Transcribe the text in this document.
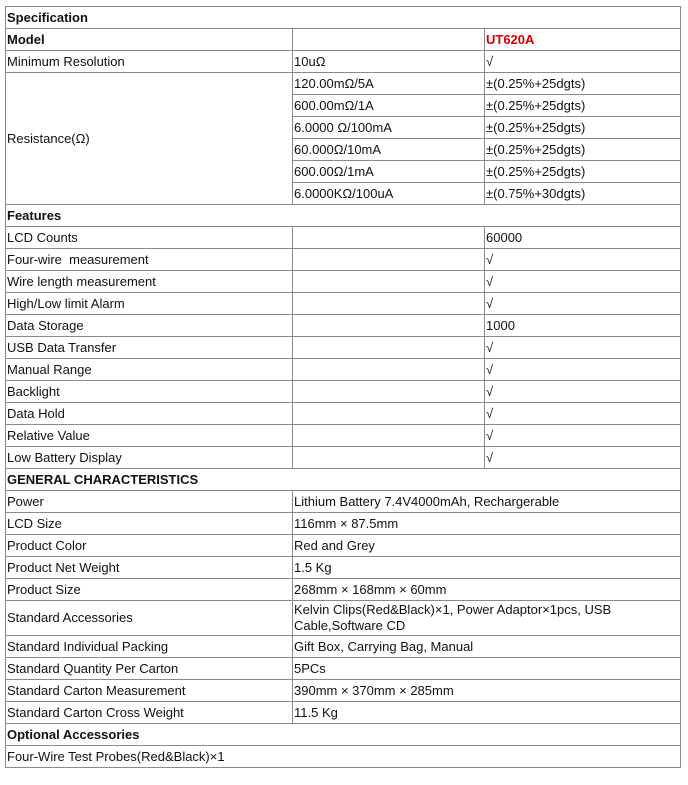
Specification		
Model		UT620A
Minimum Resolution	10uΩ	√
Resistance(Ω)	120.00mΩ/5A	±(0.25%+25dgts)
	600.00mΩ/1A	±(0.25%+25dgts)
	6.0000 Ω/100mA	±(0.25%+25dgts)
	60.000Ω/10mA	±(0.25%+25dgts)
	600.00Ω/1mA	±(0.25%+25dgts)
	6.0000KΩ/100uA	±(0.75%+30dgts)
Features		
LCD Counts		60000
Four-wire  measurement		√
Wire length measurement		√
High/Low limit Alarm		√
Data Storage		1000
USB Data Transfer		√
Manual Range		√
Backlight		√
Data Hold		√
Relative Value		√
Low Battery Display		√
GENERAL CHARACTERISTICS		
Power	Lithium Battery 7.4V4000mAh, Rechargerable	
LCD Size	116mm × 87.5mm	
Product Color	Red and Grey	
Product Net Weight	1.5 Kg	
Product Size	268mm × 168mm × 60mm	
Standard Accessories	Kelvin Clips(Red&Black)×1, Power Adaptor×1pcs, USB Cable,Software CD	
Standard Individual Packing	Gift Box, Carrying Bag, Manual	
Standard Quantity Per Carton	5PCs	
Standard Carton Measurement	390mm × 370mm × 285mm	
Standard Carton Cross Weight	11.5 Kg	
Optional Accessories		
Four-Wire Test Probes(Red&Black)×1		
